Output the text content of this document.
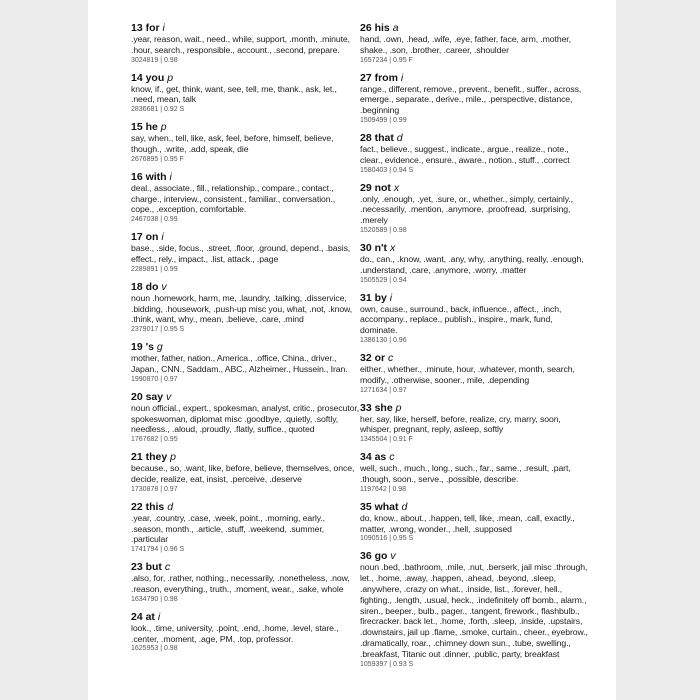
13 for i
.year, reason, wait., need., while, support, .month, .minute, .hour, search., responsible., account., .second, prepare.
3024819 | 0.98
14 you p
know, if., get, think, want, see, tell, me, thank., ask, let., .need, mean, talk
2836681 | 0.92 S
15 he p
say, when., tell, like, ask, feel, before, himself, believe, though., .write, .add, speak, die
2676895 | 0.95 F
16 with i
deal., associate., fill., relationship., compare., contact., charge., interview., consistent., familiar., conversation., cope., .exception, comfortable.
2467038 | 0.99
17 on i
base., .side, focus., .street, .floor, .ground, depend., .basis, effect., rely., impact., .list, attack., .page
2289891 | 0.99
18 do v
noun .homework, harm, me, .laundry, .talking, .disservice, .bidding, .housework, .push-up misc you, what, .not, .know, .think, want, why., mean, .believe, .care, .mind
2379017 | 0.95 S
19 's g
mother, father, nation., America., .office, China., driver., Japan., CNN., Saddam., ABC., Alzheimer., Hussein., Iran.
1990870 | 0.97
20 say v
noun official., expert., spokesman, analyst, critic., prosecutor, spokeswoman, diplomat misc .goodbye, .quietly, .softly, needless., .aloud, .proudly, .flatly, suffice., quoted
1767682 | 0.95
21 they p
because., so, .want, like, before, believe, themselves, once, decide, realize, eat, insist, .perceive, .deserve
1730878 | 0.97
22 this d
.year, .country, .case, .week, point., .morning, early., .season, month., .article, .stuff, .weekend, .summer, .particular
1741794 | 0.96 S
23 but c
.also, for, .rather, nothing., necessarily, .nonetheless, .now, .reason, everything., truth., .moment, wear., .sake, whole
1634790 | 0.98
24 at i
look., .time, university, .point, .end, .home, .level, stare., .center, .moment, .age, PM, .top, professor.
1625953 | 0.98
26 his a
hand, .own, .head, .wife, .eye, father, face, arm, .mother, shake., .son, .brother, .career, .shoulder
1657234 | 0.95 F
27 from i
range., different, remove., prevent., benefit., suffer., across, emerge., separate., derive., mile., .perspective, distance, .beginning
1509499 | 0.99
28 that d
fact., believe., suggest., indicate., argue., realize., note., clear., evidence., ensure., aware., notion., stuff., .correct
1580403 | 0.94 S
29 not x
.only, .enough, .yet, .sure, or., whether., simply, certainly., .necessarily, .mention, .anymore, .proofread, .surprising, .merely
1520589 | 0.98
30 n't x
do., can., .know, .want, .any, why, .anything, really, .enough, .understand, .care, .anymore, .worry, .matter
1505529 | 0.94
31 by i
own, cause., surround., back, influence., affect., .inch, accompany., replace., publish., inspire., mark, fund, dominate.
1386130 | 0.96
32 or c
either., whether., .minute, hour, .whatever, month, search, modify., .otherwise, sooner., mile, .depending
1271634 | 0.97
33 she p
her, say, like, herself, before, realize, cry, marry, soon, whisper, pregnant, reply, asleep, softly
1345504 | 0.91 F
34 as c
well, such., much., long., such., far., same., .result, .part, .though, soon., serve., .possible, describe.
1197642 | 0.98
35 what d
do, know., about., .happen, tell, like, .mean, .call, exactly., matter, .wrong, wonder., .hell, .supposed
1090516 | 0.95 S
36 go v
noun .bed, .bathroom, .mile, .nut, .berserk, jail misc .through, let., .home, .away, .happen, .ahead, .beyond, .sleep, .anywhere, .crazy on what., .inside, list., .forever, hell., fighting., .length, .usual, heck., .indefinitely off bomb., alarm., siren., beeper., bulb., pager., .tangent, firework., flashbulb., firecracker. back let., .home, .forth, .sleep, .inside, .upstairs, .downstairs, jail up .flame, .smoke, curtain., cheer., eyebrow., .dramatically, roar., .chimney down sun., .tube, swelling., .breakfast, Titanic out .dinner, .public, party, breakfast
1059397 | 0.93 S
